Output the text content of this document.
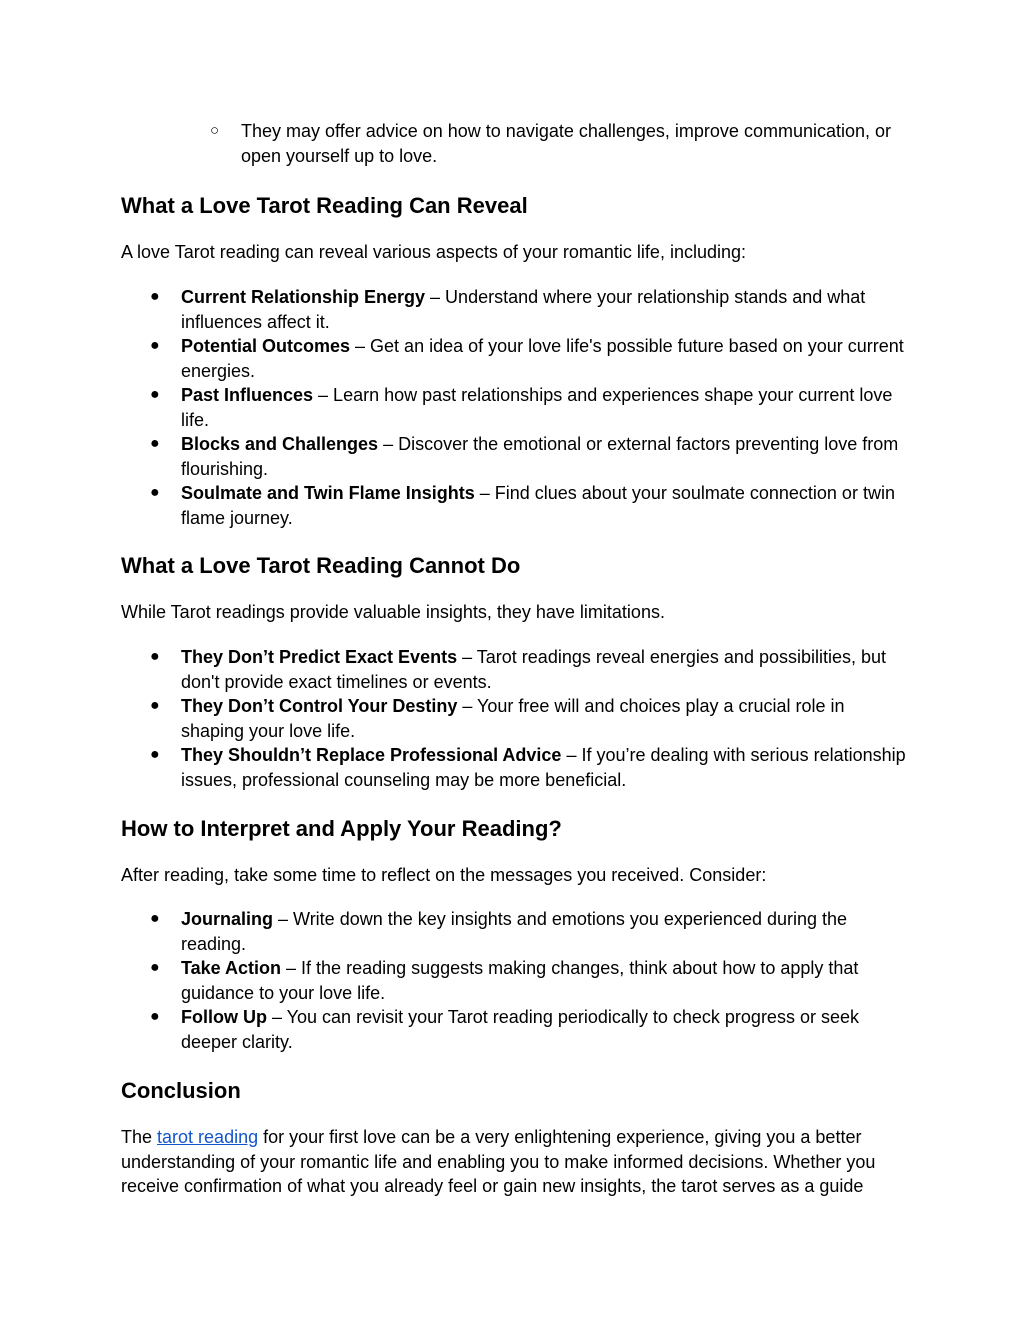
○ They may offer advice on how to navigate challenges, improve communication, or open yourself up to love.
What a Love Tarot Reading Can Reveal

A love Tarot reading can reveal various aspects of your romantic life, including:

● Current Relationship Energy – Understand where your relationship stands and what influences affect it.
● Potential Outcomes – Get an idea of your love life's possible future based on your current energies.
● Past Influences – Learn how past relationships and experiences shape your current love life.
● Blocks and Challenges – Discover the emotional or external factors preventing love from flourishing.
● Soulmate and Twin Flame Insights – Find clues about your soulmate connection or twin flame journey.
What a Love Tarot Reading Cannot Do

While Tarot readings provide valuable insights, they have limitations.

● They Don’t Predict Exact Events – Tarot readings reveal energies and possibilities, but don't provide exact timelines or events.
● They Don’t Control Your Destiny – Your free will and choices play a crucial role in shaping your love life.
● They Shouldn’t Replace Professional Advice – If you’re dealing with serious relationship issues, professional counseling may be more beneficial.
How to Interpret and Apply Your Reading?

After reading, take some time to reflect on the messages you received. Consider:

● Journaling – Write down the key insights and emotions you experienced during the reading.
● Take Action – If the reading suggests making changes, think about how to apply that guidance to your love life.
● Follow Up – You can revisit your Tarot reading periodically to check progress or seek deeper clarity.
Conclusion

The tarot reading for your first love can be a very enlightening experience, giving you a better understanding of your romantic life and enabling you to make informed decisions. Whether you receive confirmation of what you already feel or gain new insights, the tarot serves as a guide
